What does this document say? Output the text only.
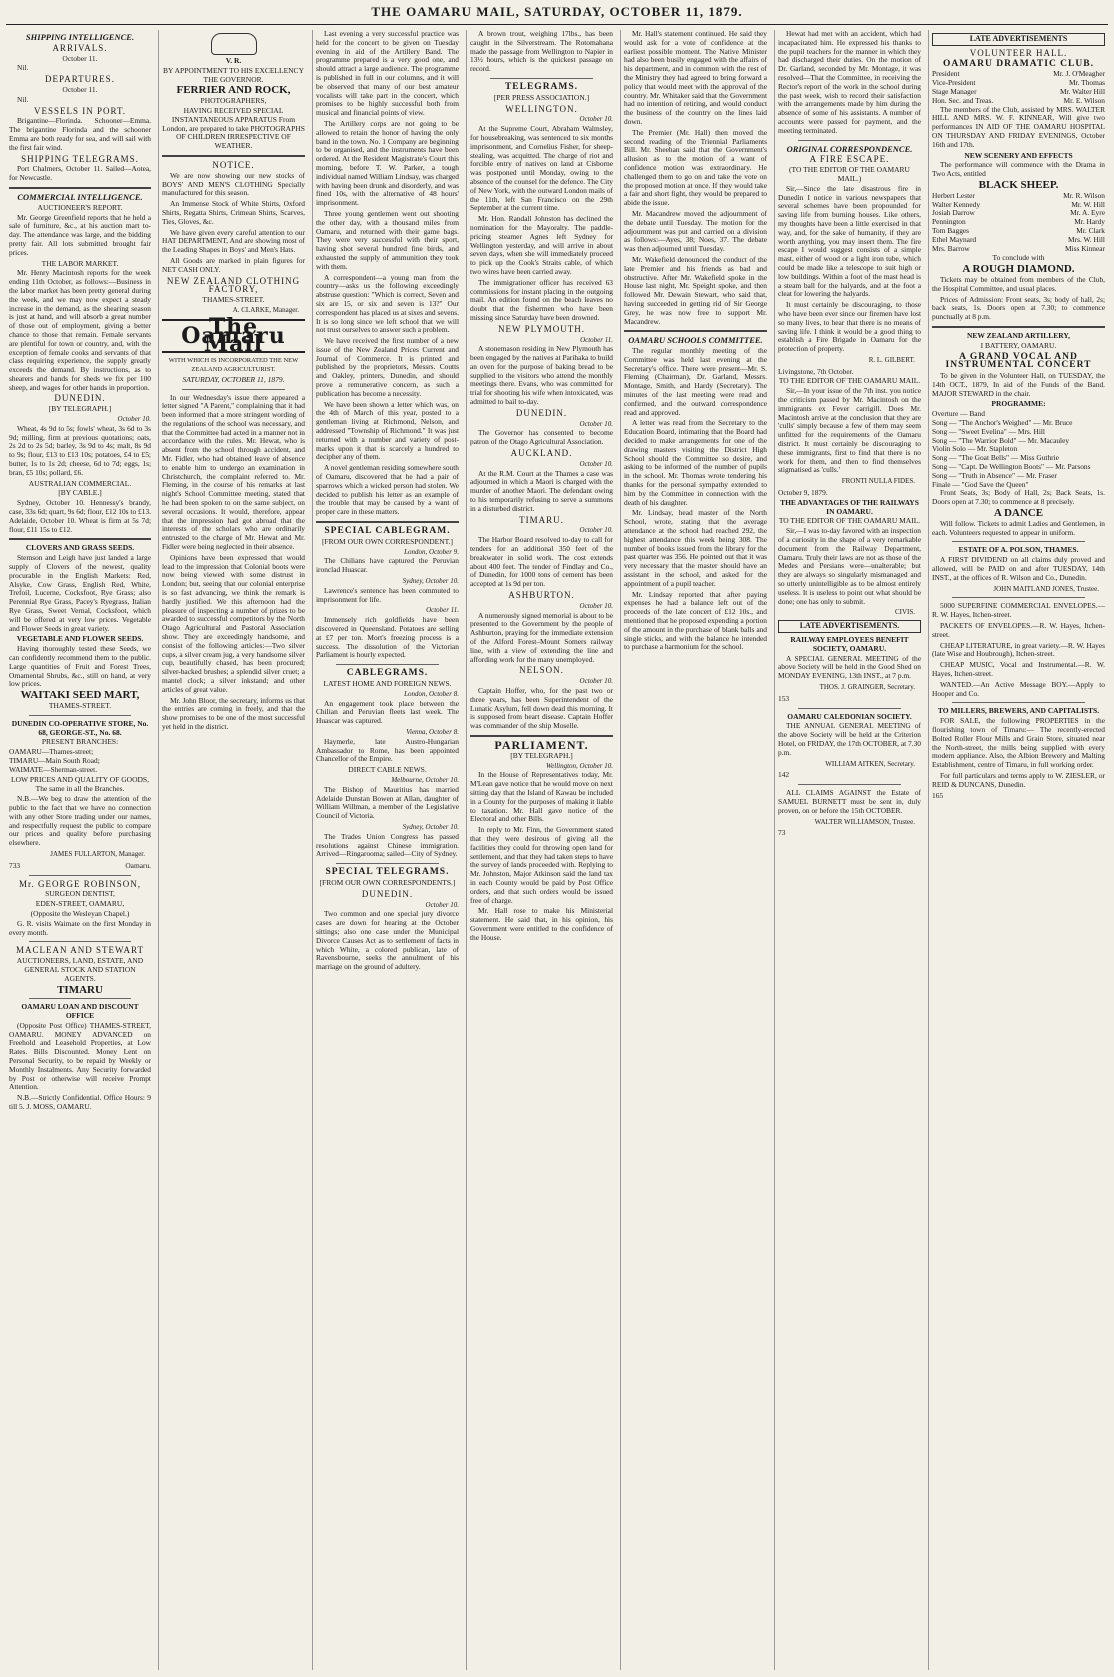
THE OAMARU MAIL, SATURDAY, OCTOBER 11, 1879.
SHIPPING INTELLIGENCE.
ARRIVALS.
October 11.

Nil.

DEPARTURES.
October 11.

Nil.

VESSELS IN PORT.

Brigantine—Florinda. Schooner—Emma. The brigantine Florinda and the schooner Emma are both ready for sea, and will sail with the first fair wind.

SHIPPING TELEGRAMS.

Port Chalmers, October 11. Sailed—Aotea, for Newcastle.

COMMERCIAL INTELLIGENCE.
AUCTIONEER'S REPORT.

Mr. George Greenfield reports that he held a sale of furniture, &c., at his auction mart to-day. The attendance was large, and the bidding pretty fair. All lots submitted brought fair prices.

THE LABOR MARKET.

Mr. Henry Macintosh reports for the week ending 11th October, as follows:—Business in the labor market has been pretty general during the week, and we may now expect a steady increase in the demand, as the shearing season is just at hand, and will absorb a great number of those out of employment, giving a better chance to those that remain. Female servants are plentiful for town or country, and, with the exception of female cooks and servants of that class requiring experience, the supply greatly exceeds the demand. By instructions, as to shearers and hands for sheds we fix per 100 sheep, and wages for other hands in proportion.

DUNEDIN.
[BY TELEGRAPH.]
October 10.

Wheat, 4s 9d to 5s; fowls' wheat, 3s 6d to 3s 9d; milling, firm at previous quotations; oats, 2s 2d to 2s 5d; barley, 3s 9d to 4s; malt, 8s 9d to 9s; flour, £13 to £13 10s; potatoes, £4 to £5; butter, 1s to 1s 2d; cheese, 6d to 7d; eggs, 1s; bran, £5 10s; pollard, £6.

AUSTRALIAN COMMERCIAL.
[BY CABLE.]

Sydney, October 10. Hennessy's brandy, case, 33s 6d; quart, 9s 6d; flour, £12 10s to £13. Adelaide, October 10. Wheat is firm at 5s 7d; flour, £11 15s to £12.

CLOVERS AND GRASS SEEDS.

Stemson and Leigh have just landed a large supply of Clovers of the newest, quality procurable in the English Markets: Red, Alsyke, Cow Grass, English Red, White, Trefoil, Lucerne, Cocksfoot, Rye Grass; also Perennial Rye Grass, Pacey's Ryegrass, Italian Rye Grass, Sweet Vernal, Cocksfoot, which will be offered at very low prices. Vegetable and Flower Seeds in great variety.

VEGETABLE AND FLOWER SEEDS.

Having thoroughly tested these Seeds, we can confidently recommend them to the public. Large quantities of Fruit and Forest Trees, Ornamental Shrubs, &c., still on hand, at very low prices.

WAITAKI SEED MART,
THAMES-STREET.
DUNEDIN CO-OPERATIVE STORE, No. 68, GEORGE-ST., No. 68.
PRESENT BRANCHES:
OAMARU—Thames-street;
TIMARU—Main South Road;
WAIMATE—Sherman-street.
LOW PRICES AND QUALITY OF GOODS,
The same in all the Branches.

N.B.—We beg to draw the attention of the public to the fact that we have no connection with any other Store trading under our names, and respectfully request the public to compare our prices and quality before purchasing elsewhere.

JAMES FULLARTON, Manager.
733	Oamaru.
Mr. GEORGE ROBINSON,
SURGEON DENTIST,
EDEN-STREET, OAMARU,
(Opposite the Wesleyan Chapel.)

G. R. visits Waimate on the first Monday in every month.

MACLEAN AND STEWART
AUCTIONEERS, LAND, ESTATE, AND GENERAL STOCK AND STATION AGENTS.
TIMARU
OAMARU LOAN AND DISCOUNT OFFICE

(Opposite Post Office) THAMES-STREET, OAMARU. MONEY ADVANCED on Freehold and Leasehold Properties, at Low Rates. Bills Discounted. Money Lent on Personal Security, to be repaid by Weekly or Monthly Instalments. Any Security forwarded by Post or otherwise will receive Prompt Attention.

N.B.—Strictly Confidential. Office Hours: 9 till 5. J. MOSS, OAMARU.

V. R.
BY APPOINTMENT TO HIS EXCELLENCY THE GOVERNOR.
FERRIER AND ROCK,
PHOTOGRAPHERS,
HAVING RECEIVED SPECIAL INSTANTANEOUS APPARATUS From London, are prepared to take PHOTOGRAPHS OF CHILDREN IRRESPECTIVE OF WEATHER.
NOTICE.

We are now showing our new stocks of BOYS' AND MEN'S CLOTHING Specially manufactured for this season.

An Immense Stock of White Shirts, Oxford Shirts, Regatta Shirts, Crimean Shirts, Scarves, Ties, Gloves, &c.

We have given every careful attention to our HAT DEPARTMENT, And are showing most of the Leading Shapes in Boys' and Men's Hats.

All Goods are marked in plain figures for NET CASH ONLY.

NEW ZEALAND CLOTHING FACTORY,
THAMES-STREET.
A. CLARKE, Manager.
The Oamaru Mail
WITH WHICH IS INCORPORATED THE NEW ZEALAND AGRICULTURIST.
SATURDAY, OCTOBER 11, 1879.

In our Wednesday's issue there appeared a letter signed "A Parent," complaining that it had been informed that a more stringent wording of the regulations of the school was necessary, and that the Committee had acted in a manner not in accordance with the rules. Mr. Hewat, who is absent from the school through accident, and Mr. Fidler, who had obtained leave of absence to enable him to undergo an examination in Christchurch, the complaint referred to. Mr. Fleming, in the course of his remarks at last night's School Committee meeting, stated that he had been spoken to on the same subject, on several occasions. It would, therefore, appear that the impression had got abroad that the interests of the scholars who are ordinarily entrusted to the charge of Mr. Hewat and Mr. Fidler were being neglected in their absence.

Opinions have been expressed that would lead to the impression that Colonial boots were now being viewed with some distrust in London; but, seeing that our colonial enterprise is so fast advancing, we think the remark is hardly justified. We this afternoon had the pleasure of inspecting a number of prizes to be awarded to successful competitors by the North Otago Agricultural and Pastoral Association show. They are exceedingly handsome, and consist of the following articles:—Two silver cups, a silver cream jug, a very handsome silver cup, beautifully chased, has been procured; silver-backed brushes; a splendid silver cruet; a mantel clock; a silver inkstand; and other articles of great value.

Mr. John Bloor, the secretary, informs us that the entries are coming in freely, and that the show promises to be one of the most successful yet held in the district.

Last evening a very successful practice was held for the concert to be given on Tuesday evening in aid of the Artillery Band. The programme prepared is a very good one, and should attract a large audience. The programme is published in full in our columns, and it will be observed that many of our best amateur vocalists will take part in the concert, which promises to be highly successful both from musical and financial points of view.

The Artillery corps are not going to be allowed to retain the honor of having the only band in the town. No. 1 Company are beginning to be organised, and the instruments have been ordered. At the Resident Magistrate's Court this morning, before T. W. Parker, a tough individual named William Lindsay, was charged with having been drunk and disorderly, and was fined 10s, with the alternative of 48 hours' imprisonment.

Three young gentlemen went out shooting the other day, with a thousand miles from Oamaru, and returned with their game bags. They were very successful with their sport, having shot several hundred fine birds, and exhausted the supply of ammunition they took with them.

A correspondent—a young man from the country—asks us the following exceedingly abstruse question: "Which is correct, Seven and six are 15, or six and seven is 13?" Our correspondent has placed us at sixes and sevens. It is so long since we left school that we will not trust ourselves to answer such a problem.

We have received the first number of a new issue of the New Zealand Prices Current and Journal of Commerce. It is printed and published by the proprietors, Messrs. Coutts and Oakley, printers, Dunedin, and should prove a remunerative concern, as such a publication has become a necessity.

We have been shown a letter which was, on the 4th of March of this year, posted to a gentleman living at Richmond, Nelson, and addressed "Township of Richmond." It was just returned with a number and variety of post-marks upon it that is scarcely a hundred to decipher any of them.

A novel gentleman residing somewhere south of Oamaru, discovered that he had a pair of sparrows which a wicked person had stolen. We decided to publish his letter as an example of the trouble that may be caused by a want of proper care in these matters.

SPECIAL CABLEGRAM.
[FROM OUR OWN CORRESPONDENT.]
London, October 9.

The Chilians have captured the Peruvian ironclad Huascar.

Sydney, October 10.

Lawrence's sentence has been commuted to imprisonment for life.

October 11.

Immensely rich goldfields have been discovered in Queensland. Potatoes are selling at £7 per ton. Mort's freezing process is a success. The dissolution of the Victorian Parliament is hourly expected.

CABLEGRAMS.
LATEST HOME AND FOREIGN NEWS.
London, October 8.

An engagement took place between the Chilian and Peruvian fleets last week. The Huascar was captured.

Vienna, October 8.

Haymerle, late Austro-Hungarian Ambassador to Rome, has been appointed Chancellor of the Empire.

DIRECT CABLE NEWS.
Melbourne, October 10.

The Bishop of Mauritius has married Adelaide Dunstan Bowen at Allan, daughter of William Willman, a member of the Legislative Council of Victoria.

Sydney, October 10.

The Trades Union Congress has passed resolutions against Chinese immigration. Arrived—Ringarooma; sailed—City of Sydney.

SPECIAL TELEGRAMS.
[FROM OUR OWN CORRESPONDENTS.]
DUNEDIN.
October 10.

Two common and one special jury divorce cases are down for hearing at the October sittings; also one case under the Municipal Divorce Causes Act as to settlement of facts in which White, a colored publican, late of Ravensbourne, seeks the annulment of his marriage on the ground of adultery.

A brown trout, weighing 17lbs., has been caught in the Silverstream. The Rotomahana made the passage from Wellington to Napier in 13½ hours, which is the quickest passage on record.

TELEGRAMS.
[PER PRESS ASSOCIATION.]
WELLINGTON.
October 10.

At the Supreme Court, Abraham Walmsley, for housebreaking, was sentenced to six months imprisonment, and Cornelius Fisher, for sheep-stealing, was acquitted. The charge of riot and forcible entry of natives on land at Cisborne was postponed until Monday, owing to the absence of the counsel for the defence. The City of New York, with the outward London mails of the 11th, left San Francisco on the 29th September at the current time.

Mr. Hon. Randall Johnston has declined the nomination for the Mayoralty. The paddle-pricing steamer Agnes left Sydney for Wellington yesterday, and will arrive in about seven days, when she will immediately proceed to pick up the Cook's Straits cable, of which two wires have been carried away.

The immigrationer officer has received 63 commissions for instant placing in the outgoing mail. An edition found on the beach leaves no doubt that the fishermen who have been missing since Saturday have been drowned.

NEW PLYMOUTH.
October 11.

A stonemason residing in New Plymouth has been engaged by the natives at Parihaka to build an oven for the purpose of baking bread to be supplied to the visitors who attend the monthly meetings there. Evans, who was committed for trial for shooting his wife when intoxicated, was admitted to bail to-day.

DUNEDIN.
October 10.

The Governor has consented to become patron of the Otago Agricultural Association.

AUCKLAND.
October 10.

At the R.M. Court at the Thames a case was adjourned in which a Maori is charged with the murder of another Maori. The defendant owing to his temporarily refusing to serve a summons in a disturbed district.

TIMARU.
October 10.

The Harbor Board resolved to-day to call for tenders for an additional 350 feet of the breakwater in solid work. The cost extends about 400 feet. The tender of Findlay and Co., of Dunedin, for 1000 tons of cement has been accepted at 1s 9d per ton.

ASHBURTON.
October 10.

A numerously signed memorial is about to be presented to the Government by the people of Ashburton, praying for the immediate extension of the Alford Forest–Mount Somers railway line, with a view of extending the line and affording work for the many unemployed.

NELSON.
October 10.

Captain Hoffer, who, for the past two or three years, has been Superintendent of the Lunatic Asylum, fell down dead this morning. It is supposed from heart disease. Captain Hoffer was commander of the ship Moselle.

PARLIAMENT.
[BY TELEGRAPH.]
Wellington, October 10.

In the House of Representatives today, Mr. M'Lean gave notice that he would move on next sitting day that the Island of Kawau be included in a County for the purposes of making it liable to taxation. Mr. Hall gave notice of the Electoral and other Bills.

In reply to Mr. Finn, the Government stated that they were desirous of giving all the facilities they could for throwing open land for settlement, and that they had taken steps to have the survey of lands proceeded with. Replying to Mr. Johnston, Major Atkinson said the land tax in each County would be paid by Post Office orders, and that such orders would be issued free of charge.

Mr. Hall rose to make his Ministerial statement. He said that, in his opinion, his Government were entitled to the confidence of the House.

Mr. Hall's statement continued. He said they would ask for a vote of confidence at the earliest possible moment. The Native Minister had also been busily engaged with the affairs of his department, and in common with the rest of the Ministry they had agreed to bring forward a policy that would meet with the approval of the country. Mr. Whitaker said that the Government had no intention of retiring, and would conduct the business of the country on the lines laid down.

The Premier (Mr. Hall) then moved the second reading of the Triennial Parliaments Bill. Mr. Sheehan said that the Government's allusion as to the motion of a want of confidence motion was extraordinary. He challenged them to go on and take the vote on the proposed motion at once. If they would take a fair and short fight, they would be prepared to abide the issue.

Mr. Macandrew moved the adjournment of the debate until Tuesday. The motion for the adjournment was put and carried on a division as follows:—Ayes, 38; Noes, 37. The debate was then adjourned until Tuesday.

Mr. Wakefield denounced the conduct of the late Premier and his friends as bad and obstructive. After Mr. Wakefield spoke in the House last night, Mr. Speight spoke, and then followed Mr. Dewain Stewart, who said that, having succeeded in getting rid of Sir George Grey, he was now free to support Mr. Macandrew.

OAMARU SCHOOLS COMMITTEE.

The regular monthly meeting of the Committee was held last evening at the Secretary's office. There were present—Mr. S. Fleming (Chairman), Dr. Garland, Messrs. Montage, Smith, and Hardy (Secretary). The minutes of the last meeting were read and confirmed, and the outward correspondence read and approved.

A letter was read from the Secretary to the Education Board, intimating that the Board had decided to make arrangements for one of the drawing masters visiting the District High School should the Committee so desire, and asking to be informed of the number of pupils in the school. Mr. Thomas wrote tendering his thanks for the personal sympathy extended to him by the Committee in connection with the death of his daughter.

Mr. Lindsay, head master of the North School, wrote, stating that the average attendance at the school had reached 292, the highest attendance this week being 308. The number of books issued from the library for the past quarter was 356. He pointed out that it was very necessary that the master should have an assistant in the school, and asked for the appointment of a pupil teacher.

Mr. Lindsay reported that after paying expenses he had a balance left out of the proceeds of the late concert of £12 10s., and mentioned that he proposed expending a portion of the amount in the purchase of blank balls and single sticks, and with the balance he intended to purchase a harmonium for the school.

Hewat had met with an accident, which had incapacitated him. He expressed his thanks to the pupil teachers for the manner in which they had discharged their duties. On the motion of Dr. Garland, seconded by Mr. Montage, it was resolved—That the Committee, in receiving the Rector's report of the work in the school during the past week, wish to record their satisfaction with the arrangements made by him during the absence of some of his assistants. A number of accounts were passed for payment, and the meeting terminated.

ORIGINAL CORRESPONDENCE.
A FIRE ESCAPE.
(TO THE EDITOR OF THE OAMARU MAIL.)

Sir,—Since the late disastrous fire in Dunedin I notice in various newspapers that several schemes have been propounded for saving life from burning houses. Like others, my thoughts have been a little exercised in that way, and, for the sake of humanity, if they are worth anything, you may insert them. The fire escape I would suggest consists of a simple mast, either of wood or a light iron tube, which could be made like a telescope to suit high or low buildings. Within a foot of the mast head is a steam ball for the halyards, and at the foot a cleat for lowering the halyards.

It must certainly be discouraging, to those who have been ever since our firemen have lost so many lives, to hear that there is no means of saving life. I think it would be a good thing to establish a Fire Brigade in Oamaru for the protection of property.

R. L. GILBERT.
Livingstone, 7th October.
TO THE EDITOR OF THE OAMARU MAIL.

Sir,—In your issue of the 7th inst. you notice the criticism passed by Mr. Macintosh on the immigrants ex Fever carrigill. Does Mr. Macintosh arrive at the conclusion that they are 'culls' simply because a few of them may seem unfitted for the requirements of the Oamaru district. It must certainly be discouraging to these immigrants, first to find that there is no work for them, and then to find themselves stigmatised as 'culls.'

FRONTI NULLA FIDES.
October 9, 1879.
THE ADVANTAGES OF THE RAILWAYS IN OAMARU.
TO THE EDITOR OF THE OAMARU MAIL.

Sir,—I was to-day favored with an inspection of a curiosity in the shape of a very remarkable document from the Railway Department, Oamaru. Truly their laws are not as those of the Medes and Persians were—unalterable; but they are always so singularly mismanaged and so utterly unintelligible as to be almost entirely useless. It is useless to point out what should be done; one has only to submit.

CIVIS.
LATE ADVERTISEMENTS.
RAILWAY EMPLOYEES BENEFIT SOCIETY, OAMARU.

A SPECIAL GENERAL MEETING of the above Society will be held in the Good Shed on MONDAY EVENING, 13th INST., at 7 p.m.

THOS. J. GRAINGER, Secretary.
153
OAMARU CALEDONIAN SOCIETY.

THE ANNUAL GENERAL MEETING of the above Society will be held at the Criterion Hotel, on FRIDAY, the 17th OCTOBER, at 7.30 p.m.

WILLIAM AITKEN, Secretary.
142

ALL CLAIMS AGAINST the Estate of SAMUEL BURNETT must be sent in, duly proven, on or before the 15th OCTOBER.

WALTER WILLIAMSON, Trustee.
73
LATE ADVERTISEMENTS
VOLUNTEER HALL.
OAMARU DRAMATIC CLUB.
President	Mr. J. O'Meagher
Vice-President	Mr. Thomas
Stage Manager	Mr. Walter Hill
Hon. Sec. and Treas.	Mr. E. Wilson

The members of the Club, assisted by MRS. WALTER HILL AND MRS. W. F. KINNEAR, Will give two performances IN AID OF THE OAMARU HOSPITAL ON THURSDAY AND FRIDAY EVENINGS, October 16th and 17th.

NEW SCENERY AND EFFECTS

The performance will commence with the Drama in Two Acts, entitled

BLACK SHEEP.
Herbert Lester	Mr. R. Wilson
Walter Kennedy	Mr. W. Hill
Josiah Darrow	Mr. A. Eyre
Pennington	Mr. Hardy
Tom Bagges	Mr. Clark
Ethel Maynard	Mrs. W. Hill
Mrs. Barrow	Miss Kinnear
To conclude with
A ROUGH DIAMOND.

Tickets may be obtained from members of the Club, the Hospital Committee, and usual places.

Prices of Admission: Front seats, 3s; body of hall, 2s; back seats, 1s. Doors open at 7.30; to commence punctually at 8 p.m.

NEW ZEALAND ARTILLERY,
I BATTERY, OAMARU.
A GRAND VOCAL AND INSTRUMENTAL CONCERT

To be given in the Volunteer Hall, on TUESDAY, the 14th OCT., 1879, In aid of the Funds of the Band. MAJOR STEWARD in the chair.

PROGRAMME:
Overture — Band
Song — "The Anchor's Weighed" — Mr. Bruce
Song — "Sweet Evelina" — Mrs. Hill
Song — "The Warrior Bold" — Mr. Macauley
Violin Solo — Mr. Stapleton
Song — "The Goat Bells" — Miss Guthrie
Song — "Capt. De Wellington Boots" — Mr. Parsons
Song — "Truth in Absence" — Mr. Fraser
Finale — "God Save the Queen"

Front Seats, 3s; Body of Hall, 2s; Back Seats, 1s. Doors open at 7.30; to commence at 8 precisely.

A DANCE

Will follow. Tickets to admit Ladies and Gentlemen, in each. Volunteers requested to appear in uniform.

ESTATE OF A. POLSON, THAMES.

A FIRST DIVIDEND on all claims duly proved and allowed, will be PAID on and after TUESDAY, 14th INST., at the offices of R. Wilson and Co., Dunedin.

JOHN MAITLAND JONES, Trustee.

5000 SUPERFINE COMMERCIAL ENVELOPES.—R. W. Hayes, Itchen-street.

PACKETS OF ENVELOPES.—R. W. Hayes, Itchen-street.

CHEAP LITERATURE, in great variety.—R. W. Hayes (late Wise and Houbrough), Itchen-street.

CHEAP MUSIC, Vocal and Instrumental.—R. W. Hayes, Itchen-street.

WANTED.—An Active Message BOY.—Apply to Hooper and Co.

TO MILLERS, BREWERS, AND CAPITALISTS.

FOR SALE, the following PROPERTIES in the flourishing town of Timaru:— The recently-erected Bolted Roller Flour Mills and Grain Store, situated near the North-street, the mills being supplied with every modern appliance. Also, the Albion Brewery and Malting Establishment, centre of Timaru, in full working order.

For full particulars and terms apply to W. ZIESLER, or REID & DUNCANS, Dunedin.

165
